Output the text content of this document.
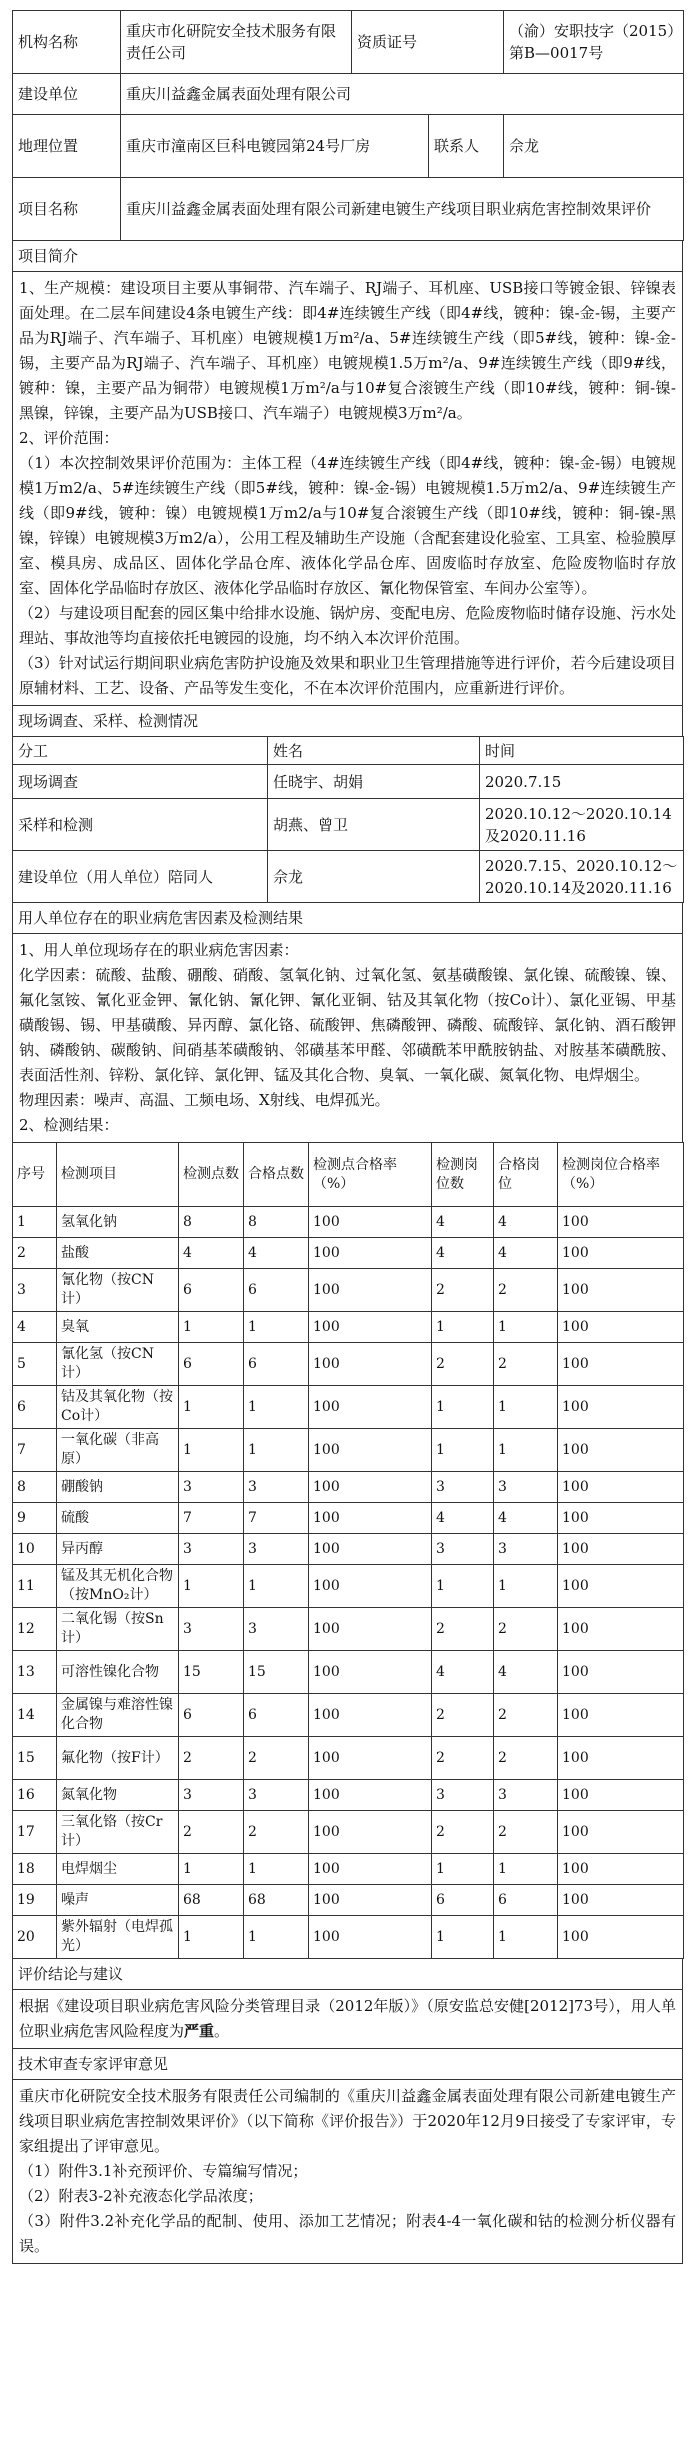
机构名称	重庆市化研院安全技术服务有限责任公司	资质证号		（渝）安职技字（2015）第B—0017号
建设单位	重庆川益鑫金属表面处理有限公司			
地理位置	重庆市潼南区巨科电镀园第24号厂房		联系人	佘龙
项目名称	重庆川益鑫金属表面处理有限公司新建电镀生产线项目职业病危害控制效果评价			
项目简介

1、生产规模：建设项目主要从事铜带、汽车端子、RJ端子、耳机座、USB接口等镀金银、锌镍表面处理。在二层车间建设4条电镀生产线：即4#连续镀生产线（即4#线，镀种：镍-金-锡，主要产品为RJ端子、汽车端子、耳机座）电镀规模1万m²/a、5#连续镀生产线（即5#线，镀种：镍-金-锡，主要产品为RJ端子、汽车端子、耳机座）电镀规模1.5万m²/a、9#连续镀生产线（即9#线，镀种：镍，主要产品为铜带）电镀规模1万m²/a与10#复合滚镀生产线（即10#线，镀种：铜-镍-黑镍，锌镍，主要产品为USB接口、汽车端子）电镀规模3万m²/a。

2、评价范围：

（1）本次控制效果评价范围为：主体工程（4#连续镀生产线（即4#线，镀种：镍-金-锡）电镀规模1万m2/a、5#连续镀生产线（即5#线，镀种：镍-金-锡）电镀规模1.5万m2/a、9#连续镀生产线（即9#线，镀种：镍）电镀规模1万m2/a与10#复合滚镀生产线（即10#线，镀种：铜-镍-黑镍，锌镍）电镀规模3万m2/a），公用工程及辅助生产设施（含配套建设化验室、工具室、检验膜厚室、模具房、成品区、固体化学品仓库、液体化学品仓库、固废临时存放室、危险废物临时存放室、固体化学品临时存放区、液体化学品临时存放区、氰化物保管室、车间办公室等）。

（2）与建设项目配套的园区集中给排水设施、锅炉房、变配电房、危险废物临时储存设施、污水处理站、事故池等均直接依托电镀园的设施，均不纳入本次评价范围。

（3）针对试运行期间职业病危害防护设施及效果和职业卫生管理措施等进行评价，若今后建设项目原辅材料、工艺、设备、产品等发生变化，不在本次评价范围内，应重新进行评价。

现场调查、采样、检测情况
分工	姓名	时间
现场调查	任晓宇、胡娟	2020.7.15
采样和检测	胡燕、曾卫	2020.10.12～2020.10.14及2020.11.16
建设单位（用人单位）陪同人	佘龙	2020.7.15、2020.10.12～2020.10.14及2020.11.16
用人单位存在的职业病危害因素及检测结果

1、用人单位现场存在的职业病危害因素：

化学因素：硫酸、盐酸、硼酸、硝酸、氢氧化钠、过氧化氢、氨基磺酸镍、氯化镍、硫酸镍、镍、氟化氢铵、氰化亚金钾、氰化钠、氰化钾、氰化亚铜、钴及其氧化物（按Co计）、氯化亚锡、甲基磺酸锡、锡、甲基磺酸、异丙醇、氯化铬、硫酸钾、焦磷酸钾、磷酸、硫酸锌、氯化钠、酒石酸钾钠、磷酸钠、碳酸钠、间硝基苯磺酸钠、邻磺基苯甲醛、邻磺酰苯甲酰胺钠盐、对胺基苯磺酰胺、表面活性剂、锌粉、氯化锌、氯化钾、锰及其化合物、臭氧、一氧化碳、氮氧化物、电焊烟尘。

物理因素：噪声、高温、工频电场、X射线、电焊孤光。

2、检测结果：

序号	检测项目	检测点数	合格点数	检测点合格率（%）	检测岗位数	合格岗位	检测岗位合格率（%）
1	氢氧化钠	8	8	100	4	4	100
2	盐酸	4	4	100	4	4	100
3	氰化物（按CN计）	6	6	100	2	2	100
4	臭氧	1	1	100	1	1	100
5	氰化氢（按CN计）	6	6	100	2	2	100
6	钴及其氧化物（按Co计）	1	1	100	1	1	100
7	一氧化碳（非高原）	1	1	100	1	1	100
8	硼酸钠	3	3	100	3	3	100
9	硫酸	7	7	100	4	4	100
10	异丙醇	3	3	100	3	3	100
11	锰及其无机化合物（按MnO₂计）	1	1	100	1	1	100
12	二氧化锡（按Sn计）	3	3	100	2	2	100
13	可溶性镍化合物	15	15	100	4	4	100
14	金属镍与难溶性镍化合物	6	6	100	2	2	100
15	氟化物（按F计）	2	2	100	2	2	100
16	氮氧化物	3	3	100	3	3	100
17	三氧化铬（按Cr计）	2	2	100	2	2	100
18	电焊烟尘	1	1	100	1	1	100
19	噪声	68	68	100	6	6	100
20	紫外辐射（电焊孤光）	1	1	100	1	1	100
评价结论与建议
根据《建设项目职业病危害风险分类管理目录（2012年版）》（原安监总安健[2012]73号），用人单位职业病危害风险程度为严重。
技术审查专家评审意见

重庆市化研院安全技术服务有限责任公司编制的《重庆川益鑫金属表面处理有限公司新建电镀生产线项目职业病危害控制效果评价》（以下简称《评价报告》）于2020年12月9日接受了专家评审，专家组提出了评审意见。

（1）附件3.1补充预评价、专篇编写情况；

（2）附表3-2补充液态化学品浓度；

（3）附件3.2补充化学品的配制、使用、添加工艺情况；附表4-4一氧化碳和钴的检测分析仪器有误。
